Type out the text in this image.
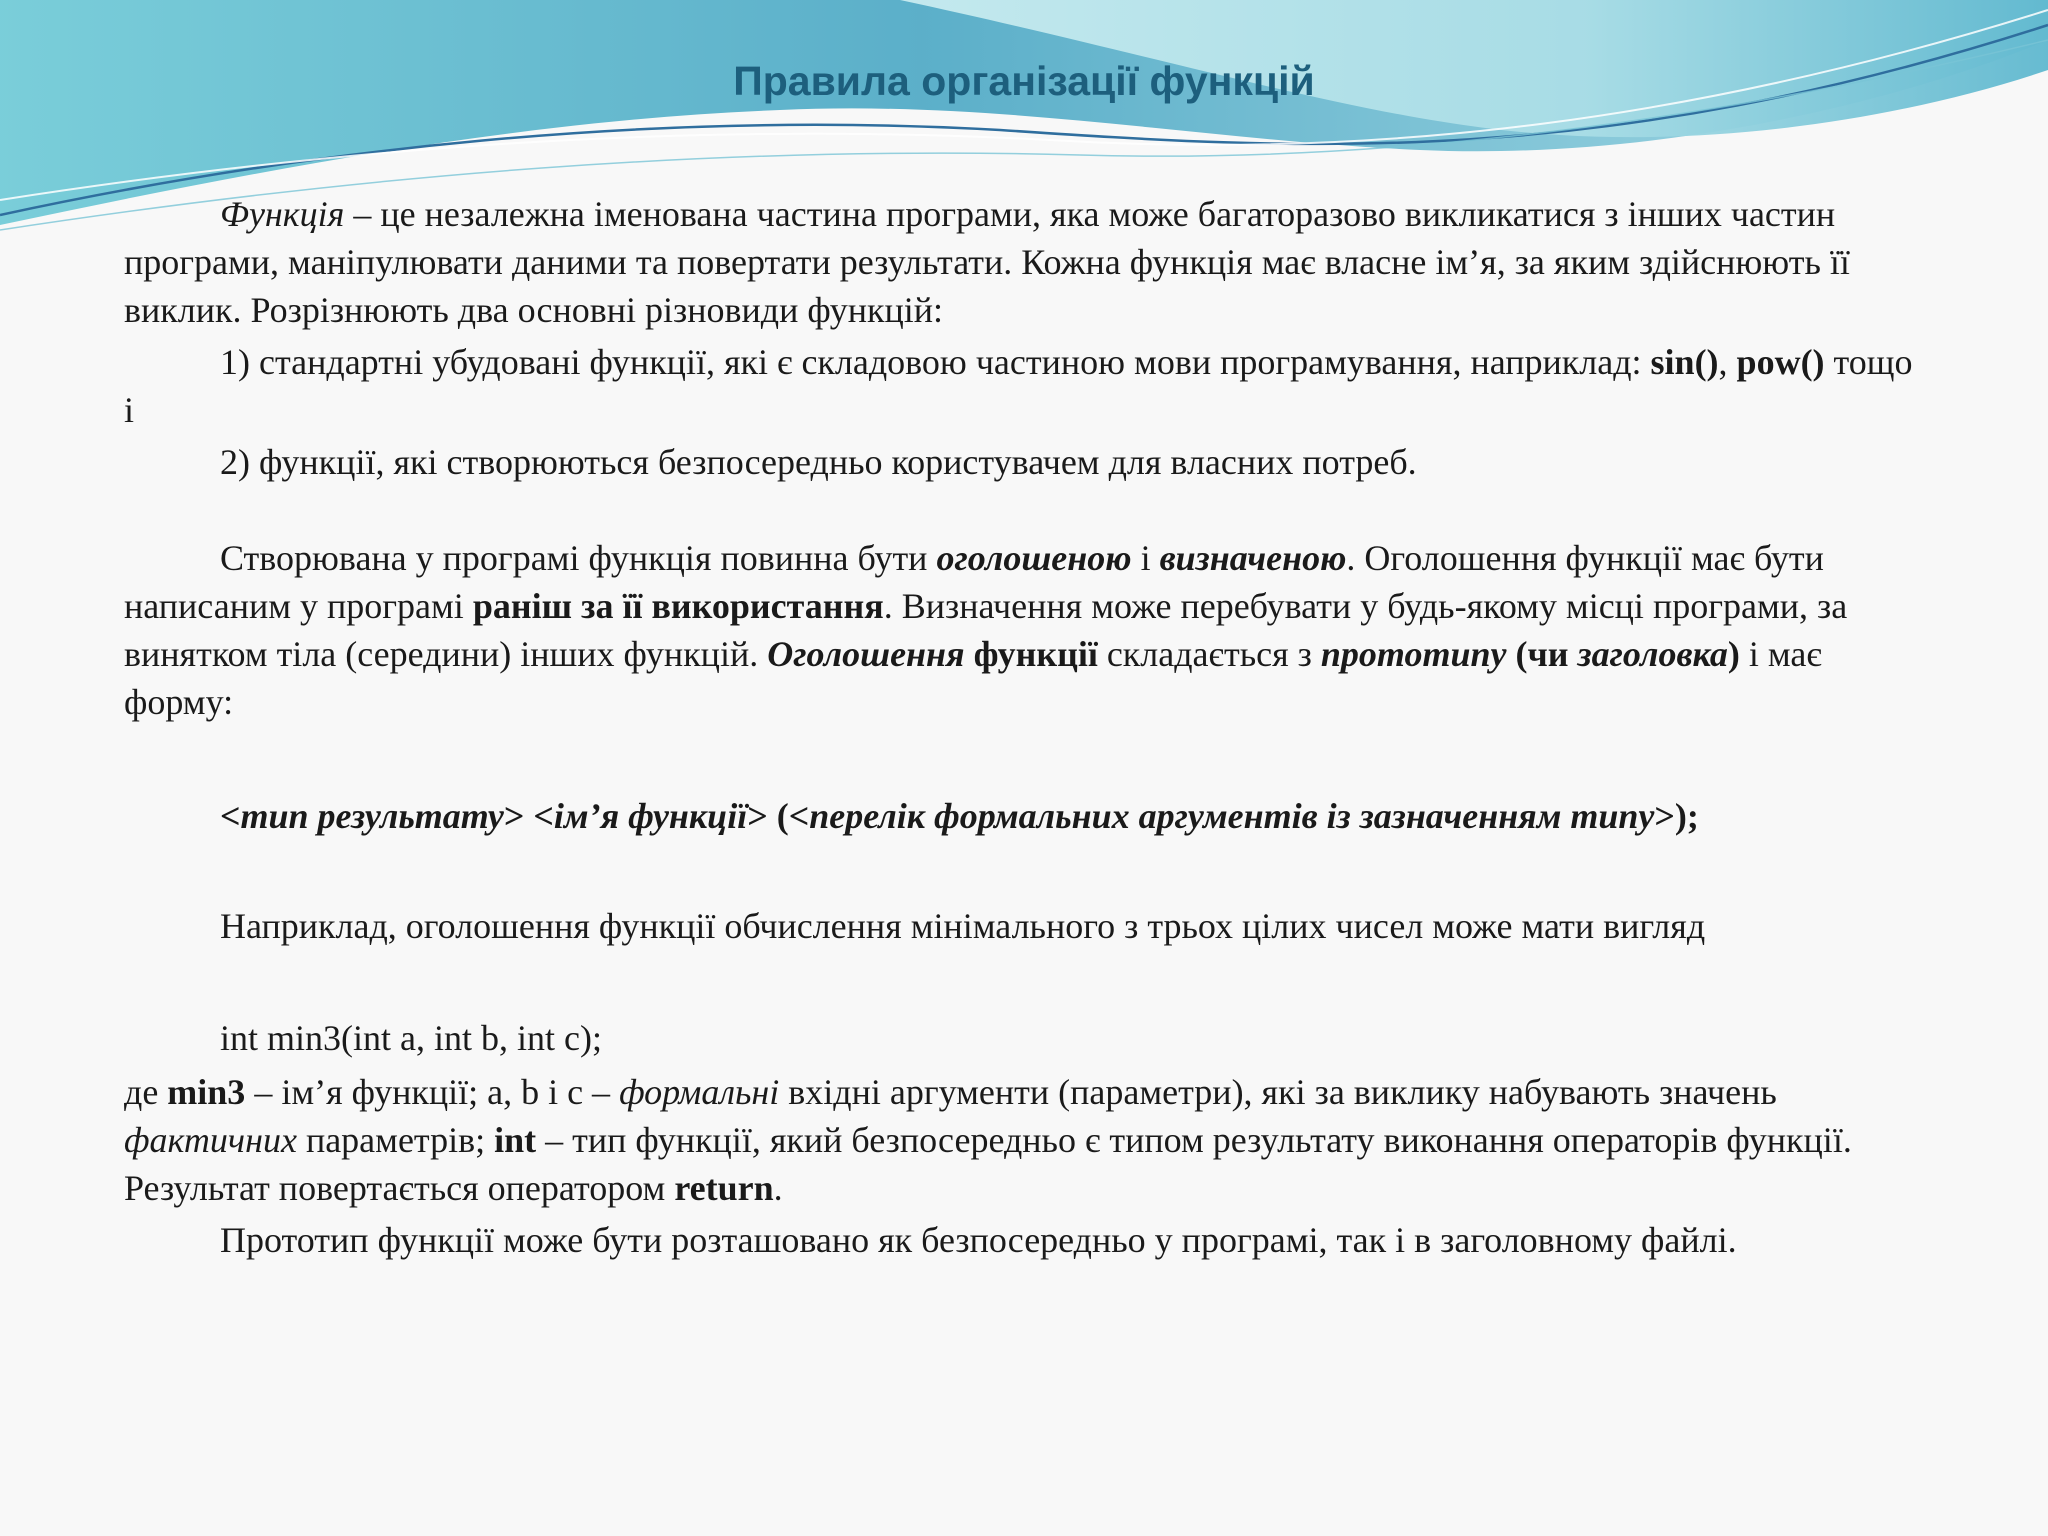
Правила організації функцій

Функція – це незалежна іменована частина програми, яка може багаторазово викликатися з інших частин програми, маніпулювати даними та повертати результати. Кожна функція має власне ім’я, за яким здійснюють її виклик. Розрізнюють два основні різновиди функцій:

1) стандартні убудовані функції, які є складовою частиною мови програмування, наприклад: sin(), pow() тощо і

2) функції, які створюються безпосередньо користувачем для власних потреб.

Створювана у програмі функція повинна бути оголошеною і визначеною. Оголошення функції має бути написаним у програмі раніш за її використання. Визначення може перебувати у будь-якому місці програми, за винятком тіла (середини) інших функцій. Оголошення функції складається з прототипу (чи заголовка) і має форму:

<тип результату> <ім’я функції> (<перелік формальних аргументів із зазначенням типу>);

Наприклад, оголошення функції обчислення мінімального з трьох цілих чисел може мати вигляд

int min3(int a, int b, int c);

де min3 – ім’я функції; a, b і c – формальні вхідні аргументи (параметри), які за виклику набувають значень фактичних параметрів; int – тип функції, який безпосередньо є типом результату виконання операторів функції. Результат повертається оператором return.

Прототип функції може бути розташовано як безпосередньо у програмі, так і в заголовному файлі.
